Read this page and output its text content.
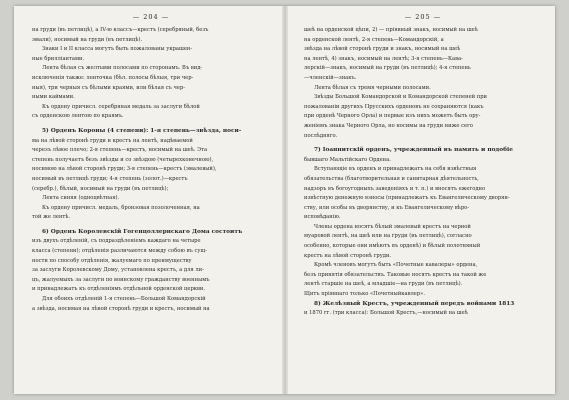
— 204 —
на груди (въ петлицѣ), а IV-ю классъ—крестъ (серебряный, безъ
эмали), носимый на груди (въ петлицѣ).
Знаки I и II класса могутъ быть пожалованы украшен-
ные брилліантами.
Лента бѣлая съ желтыми полосами по сторонамъ. Въ вид-
исключенія также: ленточка (бѣл. полосы бѣлыя, три чер-
ныя), три черныя съ бѣлыми краями, или бѣлая съ чер-
ными каймами.
Къ ордену причисл. серебряная медаль за заслуги бѣлой
съ орденскою лентою по краямъ.
5) Орденъ Короны (4 степени): 1-я степень—звѣзда, носи-
ма на лѣвой сторонѣ груди и крестъ на лентѣ, надѣваемой
черезъ лѣвое плечо; 2-я степень—крестъ, носимый на шеѣ. Эта
степень получаетъ безъ звѣзды и со звѣздою (четырехконечною),
носимою на лѣвой сторонѣ груди; 3-я степень—крестъ (эмалевый),
носимый въ петлицѣ груди; 4-я степень (золот.)—крестъ
(серебр.), бѣлый, носимый на груди (въ петлицѣ);
Лента синяя (одноцвѣтная).
Къ ордену причисл. медаль, бронзовая позолоченная, на
той же лентѣ.
6) Орденъ Королевскій Гогенцоллернскаго Дома состоитъ
изъ двухъ отдѣленій, съ подраздѣленіемъ каждаго на четыре
класса (степени); отдѣленія различаются между собою въ сущ-
ности по способу отдѣленія, жалуемаго по преимуществу
за заслуги Королевскому Дому, установлена крестъ, а для ли-
цъ, жалуемыхъ за заслуги по воинскому гражданству военнымъ
и принадлежатъ къ отдѣленіямъ отдѣльной орденской церкви.
Для обоихъ отдѣленій 1-я степень—Большой Командорскій
а звѣзда, носимая на лѣвой сторонѣ груди и крестъ, носимый на
— 205 —
шеѣ на орденской цѣпи, 2) — пріявный знакъ, носимый на шеѣ
на орденской лентѣ, 2-я степень—Командорскій, а
звѣзда на лѣвой сторонѣ груди и знакъ, носимый на шеѣ
на лентѣ, 4) знакъ, носимый на лентѣ; 3-я степень—Кава-
лерскій—знакъ, носимый на груди (въ петлицѣ); 4-я степень
—членскій—знакъ.
Лента бѣлая съ тремя черными полосами.
Звѣзды Большой Командорской и Командорской степеней при
пожалованіи другихъ Прусскихъ орденовъ не сохраняются (какъ
при орденѣ Черного Орла) и первые изъ нихъ можетъ быть ору-
женіемъ знака Черного Орла, но носимы на груди ниже сего
послѣдняго.
7) Іоаннитскій орденъ, учрежденный въ память и подобіе
бывшаго Мальтійскаго Ордена.
Вступающіе въ орденъ и принадлежатъ на себя извѣстныя
обязательства (благотворительная и санитарная дѣятельность,
надзоръ въ богоугодныхъ заведеніяхъ и т. п.) и вносятъ ежегодно
извѣстную денежную взносы (принадлежатъ къ Евангелическому дворян-
ству, или особы въ дворянству, и къ Евангелическому вѣро-
исповѣданію.
Члены ордена носятъ бѣлый эмалевый крестъ на черной
муаровой лентѣ, на шеѣ или на груди (въ петлицѣ), согласно
особенно, которые они имѣютъ въ орденѣ) и бѣлый полотняный
крестъ на лѣвой сторонѣ груди.
Кромѣ членовъ могутъ быть «Почетные кавалеры» ордена,
безъ принятія обязательствъ. Таковые носятъ крестъ на такой же
лентѣ старшіе на шеѣ, а младшіе—на груди (въ петлицѣ).
Щитъ пріявнаго только «Почетныйкавлер».
8) Желѣзный Крестъ, учрежденный передъ войнами 1813
и 1870 гг. (три класса): Большой Крестъ,—носимый на шеѣ
